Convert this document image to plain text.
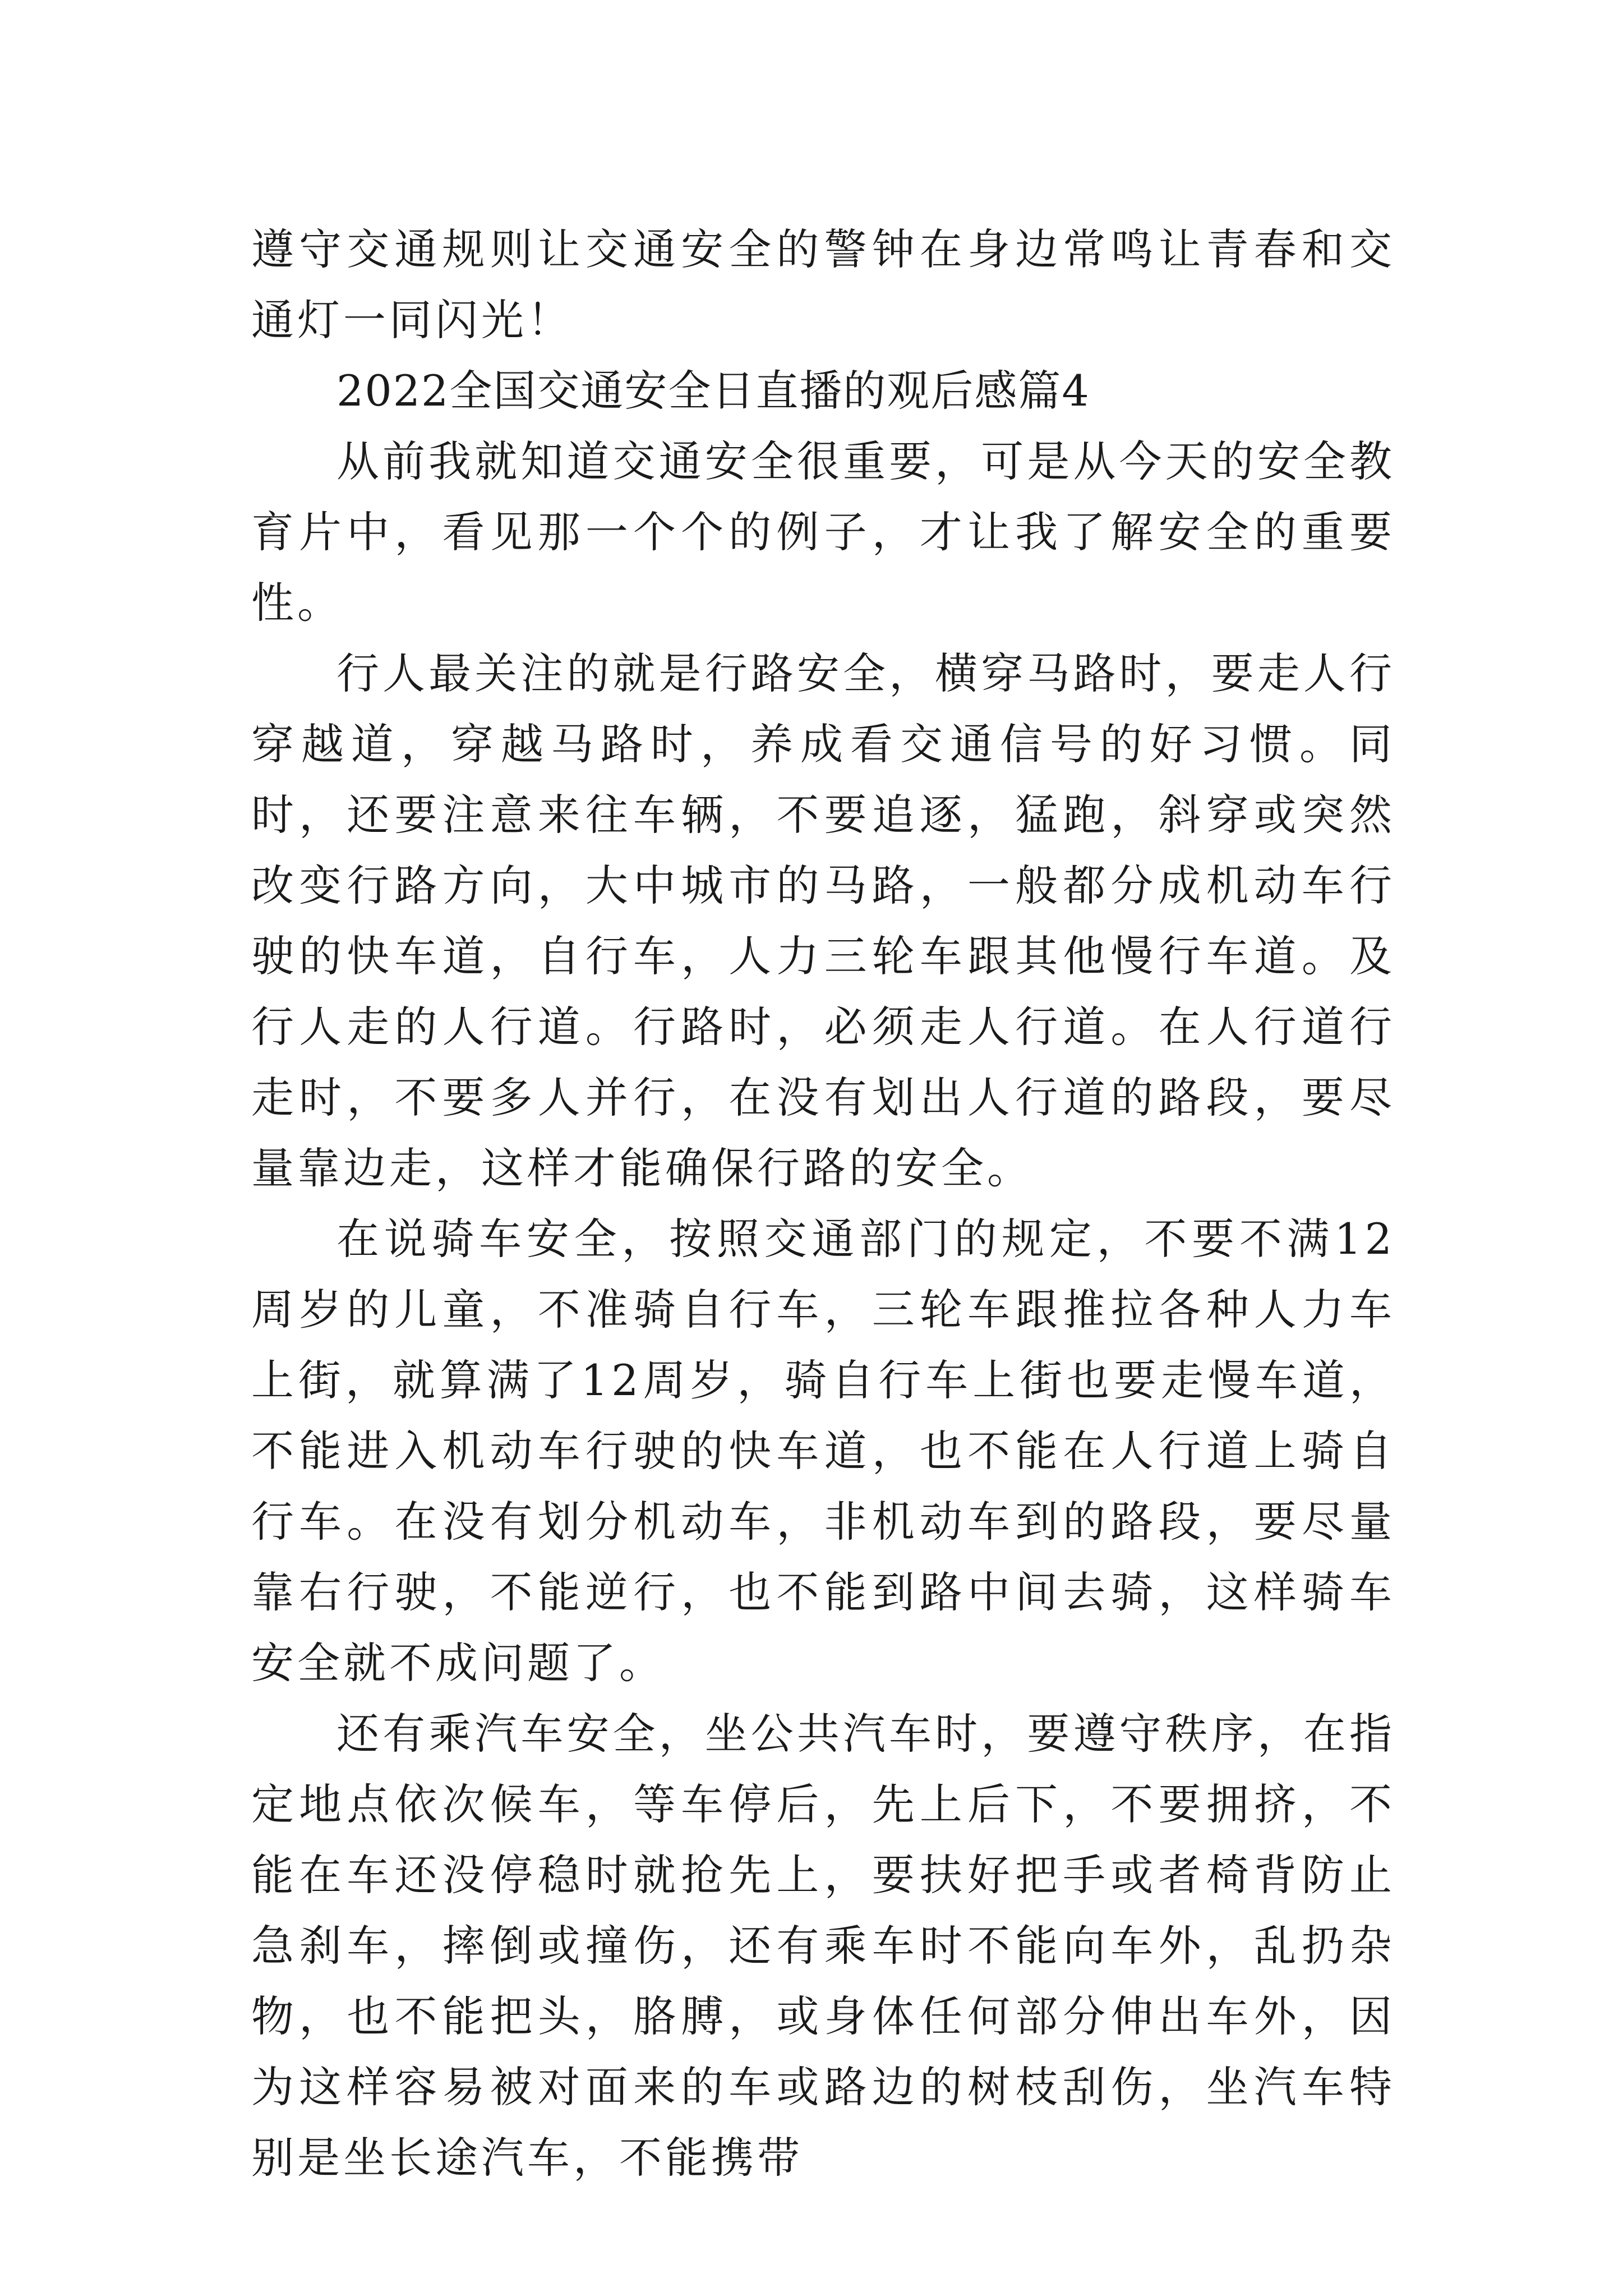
遵守交通规则让交通安全的警钟在身边常鸣让青春和交通灯一同闪光！

2022全国交通安全日直播的观后感篇4

从前我就知道交通安全很重要，可是从今天的安全教育片中，看见那一个个的例子，才让我了解安全的重要性。

行人最关注的就是行路安全，横穿马路时，要走人行穿越道，穿越马路时，养成看交通信号的好习惯。同时，还要注意来往车辆，不要追逐，猛跑，斜穿或突然改变行路方向，大中城市的马路，一般都分成机动车行驶的快车道，自行车，人力三轮车跟其他慢行车道。及行人走的人行道。行路时，必须走人行道。在人行道行走时，不要多人并行，在没有划出人行道的路段，要尽量靠边走，这样才能确保行路的安全。

在说骑车安全，按照交通部门的规定，不要不满12周岁的儿童，不准骑自行车，三轮车跟推拉各种人力车上街，就算满了12周岁，骑自行车上街也要走慢车道，不能进入机动车行驶的快车道，也不能在人行道上骑自行车。在没有划分机动车，非机动车到的路段，要尽量靠右行驶，不能逆行，也不能到路中间去骑，这样骑车安全就不成问题了。

还有乘汽车安全，坐公共汽车时，要遵守秩序，在指定地点依次候车，等车停后，先上后下，不要拥挤，不能在车还没停稳时就抢先上，要扶好把手或者椅背防止急刹车，摔倒或撞伤，还有乘车时不能向车外，乱扔杂物，也不能把头，胳膊，或身体任何部分伸出车外，因为这样容易被对面来的车或路边的树枝刮伤，坐汽车特别是坐长途汽车，不能携带
